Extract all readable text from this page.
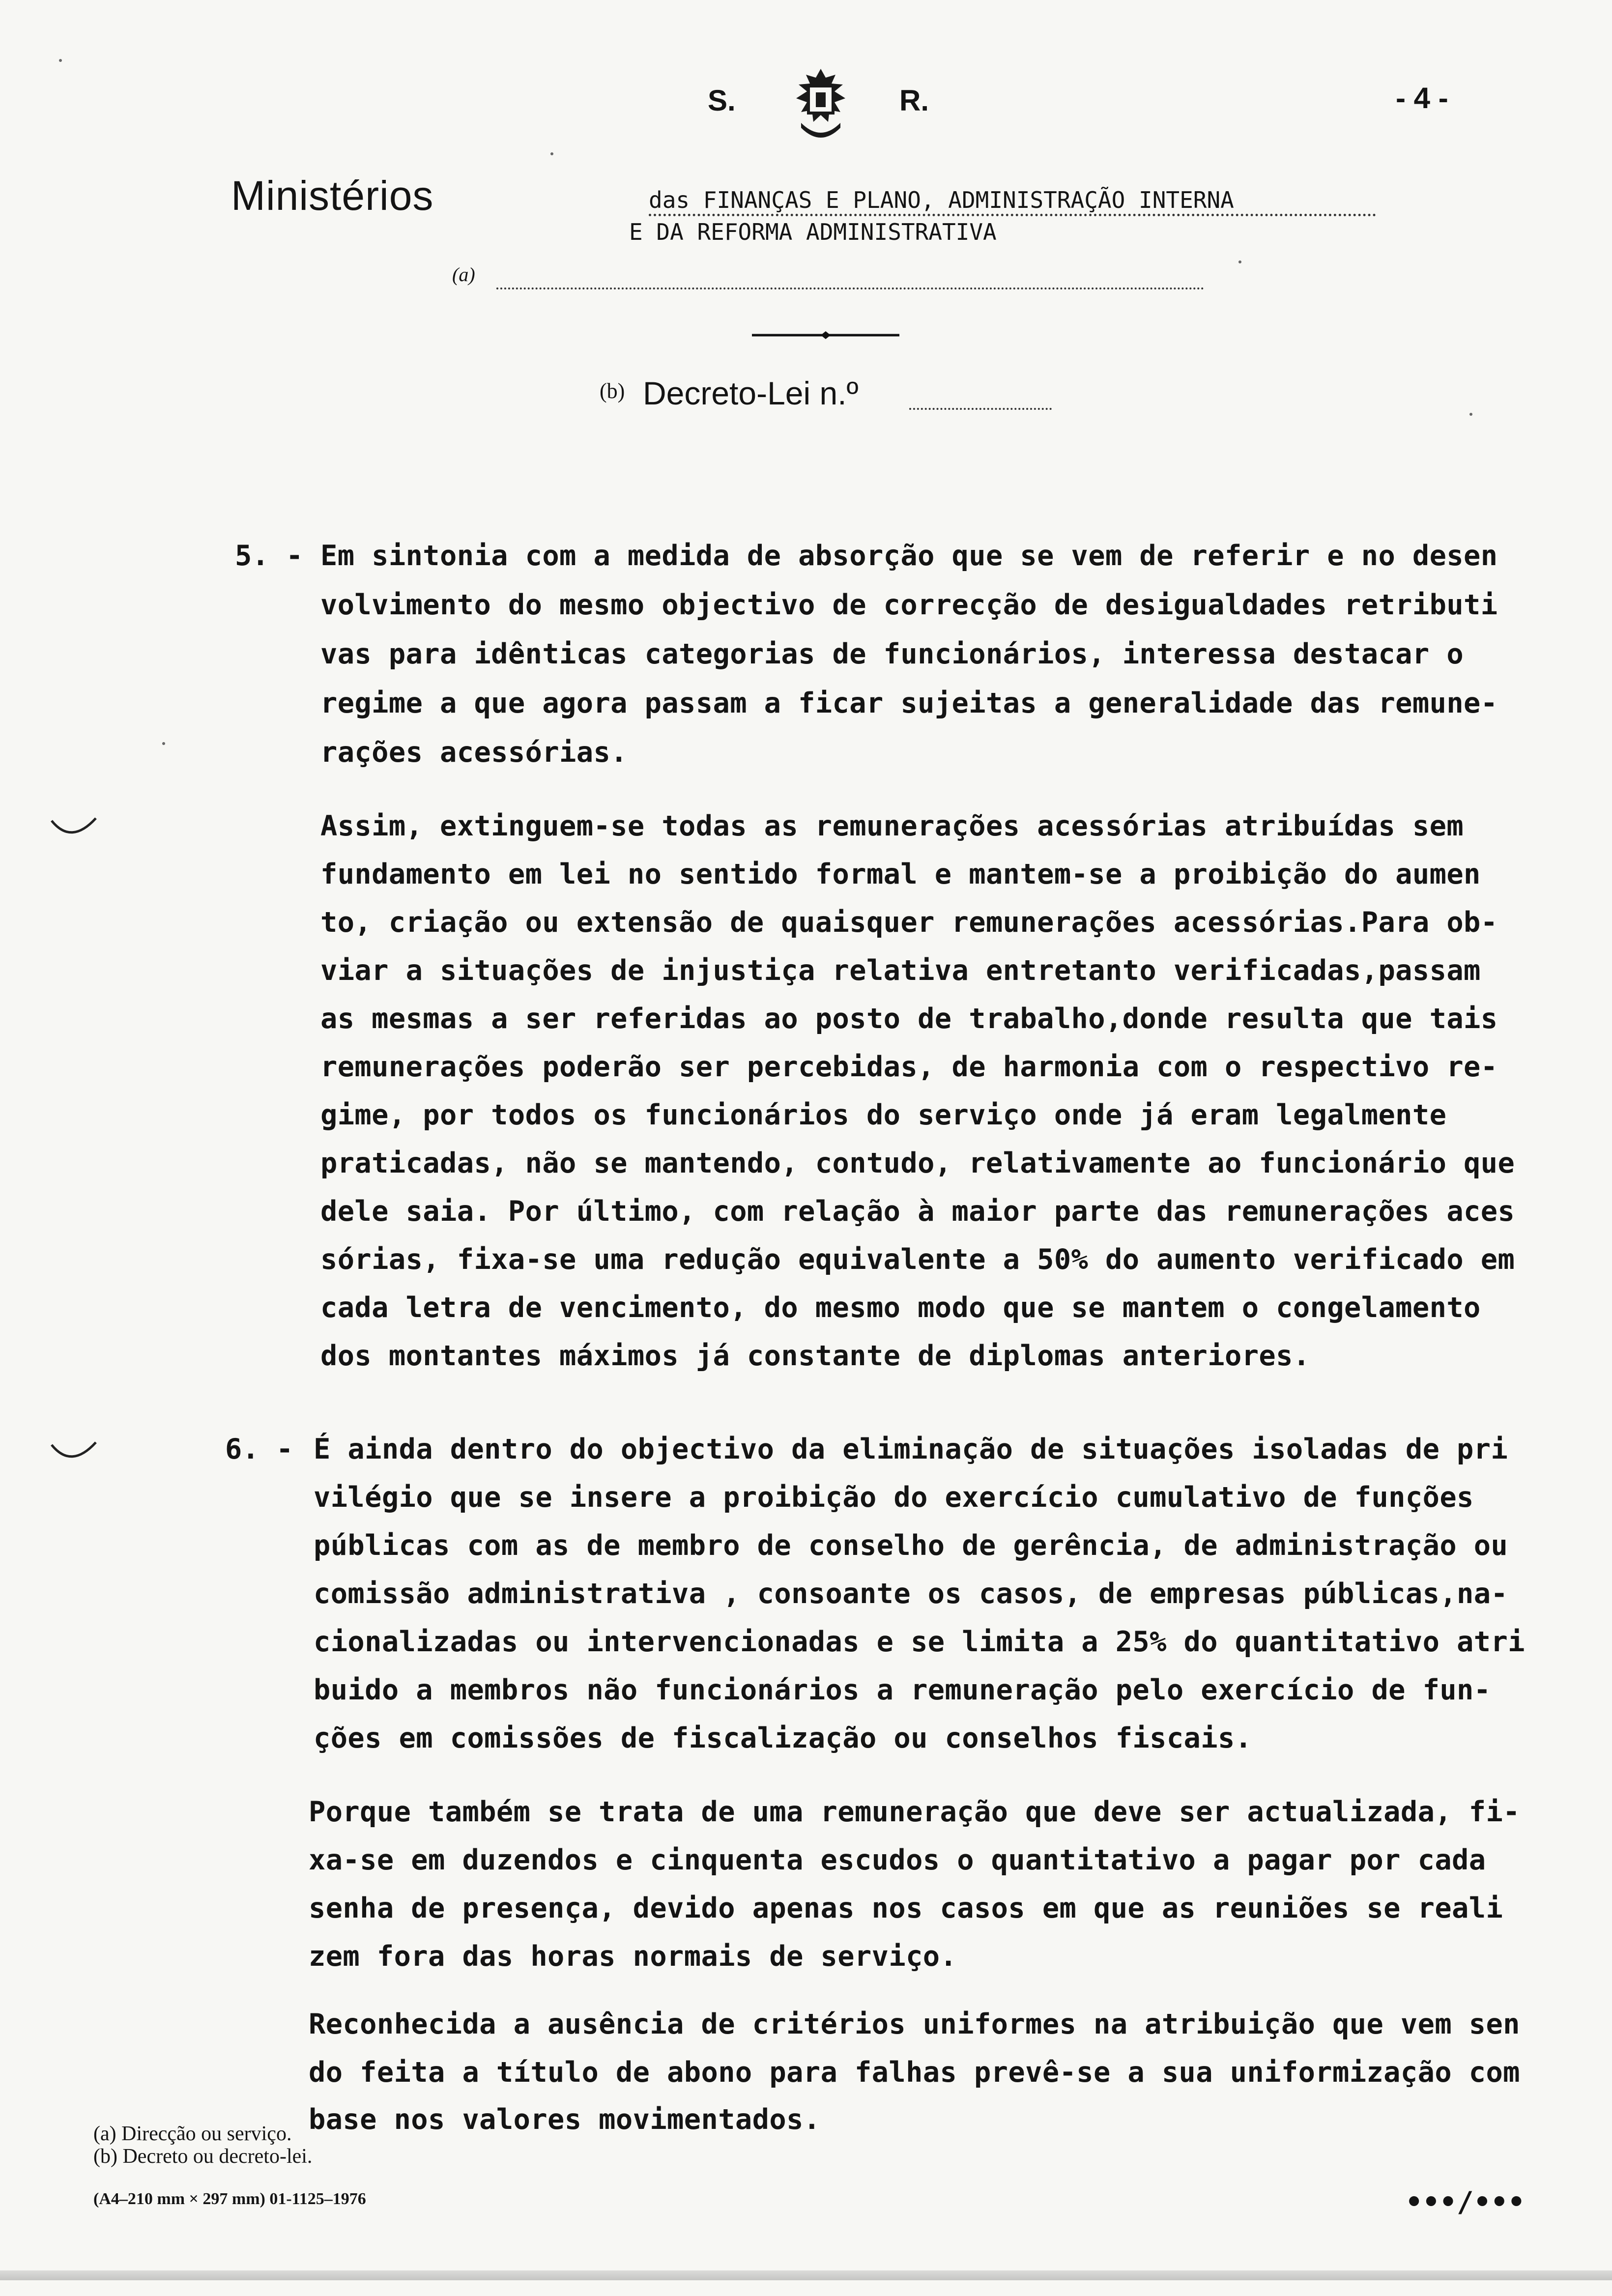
S.	R.	- 4 -
Ministérios	das FINANÇAS E PLANO, ADMINISTRAÇÃO INTERNA
E DA REFORMA ADMINISTRATIVA
(a)
(b) Decreto-Lei n.º
5. - Em sintonia com a medida de absorção que se vem de referir e no desen
volvimento do mesmo objectivo de correcção de desigualdades retributi
vas para idênticas categorias de funcionários, interessa destacar o
regime a que agora passam a ficar sujeitas a generalidade das remune-
rações acessórias.
Assim, extinguem-se todas as remunerações acessórias atribuídas sem
fundamento em lei no sentido formal e mantem-se a proibição do aumen
to, criação ou extensão de quaisquer remunerações acessórias.Para ob-
viar a situações de injustiça relativa entretanto verificadas,passam
as mesmas a ser referidas ao posto de trabalho,donde resulta que tais
remunerações poderão ser percebidas, de harmonia com o respectivo re-
gime, por todos os funcionários do serviço onde já eram legalmente
praticadas, não se mantendo, contudo, relativamente ao funcionário que
dele saia. Por último, com relação à maior parte das remunerações aces
sórias, fixa-se uma redução equivalente a 50% do aumento verificado em
cada letra de vencimento, do mesmo modo que se mantem o congelamento
dos montantes máximos já constante de diplomas anteriores.
6. - É ainda dentro do objectivo da eliminação de situações isoladas de pri
vilégio que se insere a proibição do exercício cumulativo de funções
públicas com as de membro de conselho de gerência, de administração ou
comissão administrativa , consoante os casos, de empresas públicas,na-
cionalizadas ou intervencionadas e se limita a 25% do quantitativo atri
buido a membros não funcionários a remuneração pelo exercício de fun-
ções em comissões de fiscalização ou conselhos fiscais.
Porque também se trata de uma remuneração que deve ser actualizada, fi-
xa-se em duzendos e cinquenta escudos o quantitativo a pagar por cada
senha de presença, devido apenas nos casos em que as reuniões se reali
zem fora das horas normais de serviço.
Reconhecida a ausência de critérios uniformes na atribuição que vem sen
do feita a título de abono para falhas prevê-se a sua uniformização com
base nos valores movimentados.
(a) Direcção ou serviço.
(b) Decreto ou decreto-lei.
(A4–210 mm × 297 mm) 01-1125–1976	•••/•••
